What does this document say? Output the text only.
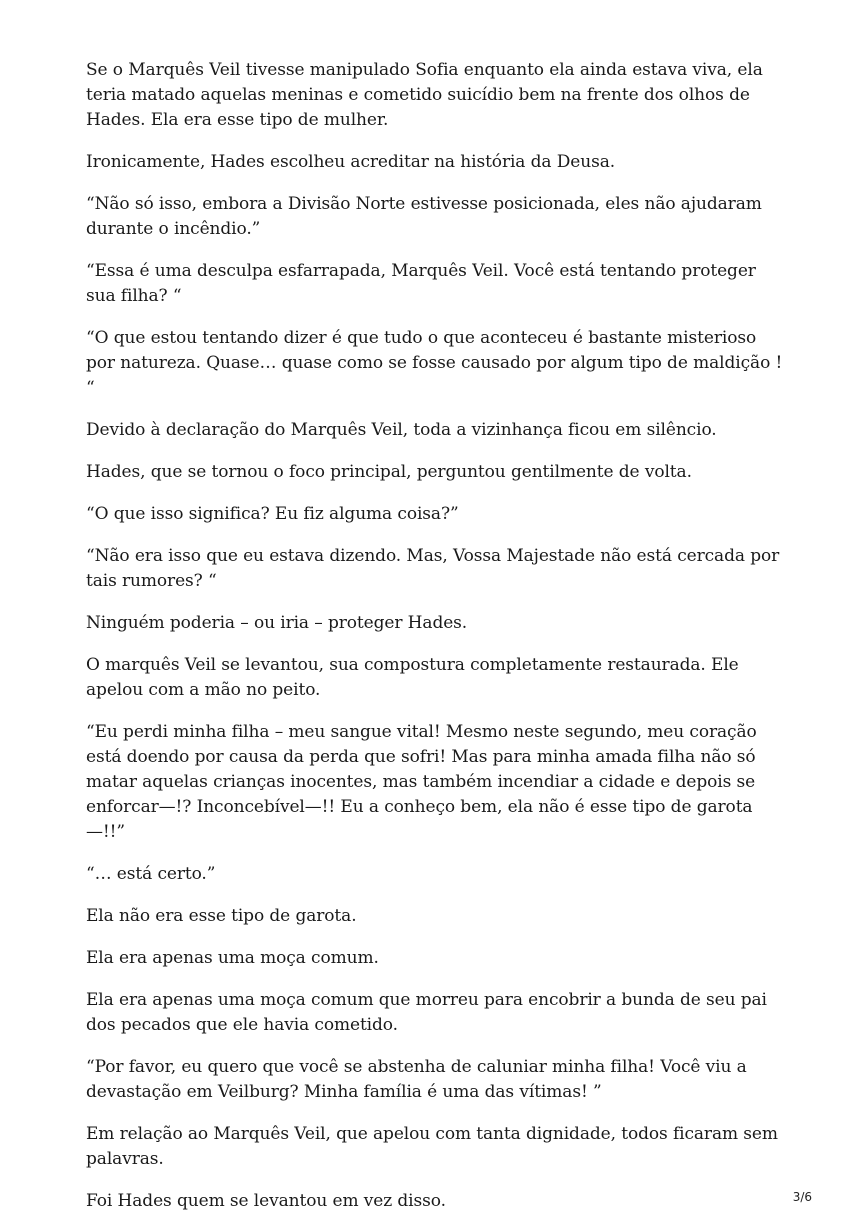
Se o Marquês Veil tivesse manipulado Sofia enquanto ela ainda estava viva, ela teria matado aquelas meninas e cometido suicídio bem na frente dos olhos de Hades. Ela era esse tipo de mulher.

Ironicamente, Hades escolheu acreditar na história da Deusa.

“Não só isso, embora a Divisão Norte estivesse posicionada, eles não ajudaram durante o incêndio.”

“Essa é uma desculpa esfarrapada, Marquês Veil. Você está tentando proteger sua filha? “

“O que estou tentando dizer é que tudo o que aconteceu é bastante misterioso por natureza. Quase… quase como se fosse causado por algum tipo de maldição ! “

Devido à declaração do Marquês Veil, toda a vizinhança ficou em silêncio.

Hades, que se tornou o foco principal, perguntou gentilmente de volta.

“O que isso significa? Eu fiz alguma coisa?”

“Não era isso que eu estava dizendo. Mas, Vossa Majestade não está cercada por tais rumores? “

Ninguém poderia – ou iria – proteger Hades.

O marquês Veil se levantou, sua compostura completamente restaurada. Ele apelou com a mão no peito.

“Eu perdi minha filha – meu sangue vital! Mesmo neste segundo, meu coração está doendo por causa da perda que sofri! Mas para minha amada filha não só matar aquelas crianças inocentes, mas também incendiar a cidade e depois se enforcar—!? Inconcebível—!! Eu a conheço bem, ela não é esse tipo de garota—!!”

“… está certo.”

Ela não era esse tipo de garota.

Ela era apenas uma moça comum.

Ela era apenas uma moça comum que morreu para encobrir a bunda de seu pai dos pecados que ele havia cometido.

“Por favor, eu quero que você se abstenha de caluniar minha filha! Você viu a devastação em Veilburg? Minha família é uma das vítimas! ”

Em relação ao Marquês Veil, que apelou com tanta dignidade, todos ficaram sem palavras.

Foi Hades quem se levantou em vez disso.	3/6
